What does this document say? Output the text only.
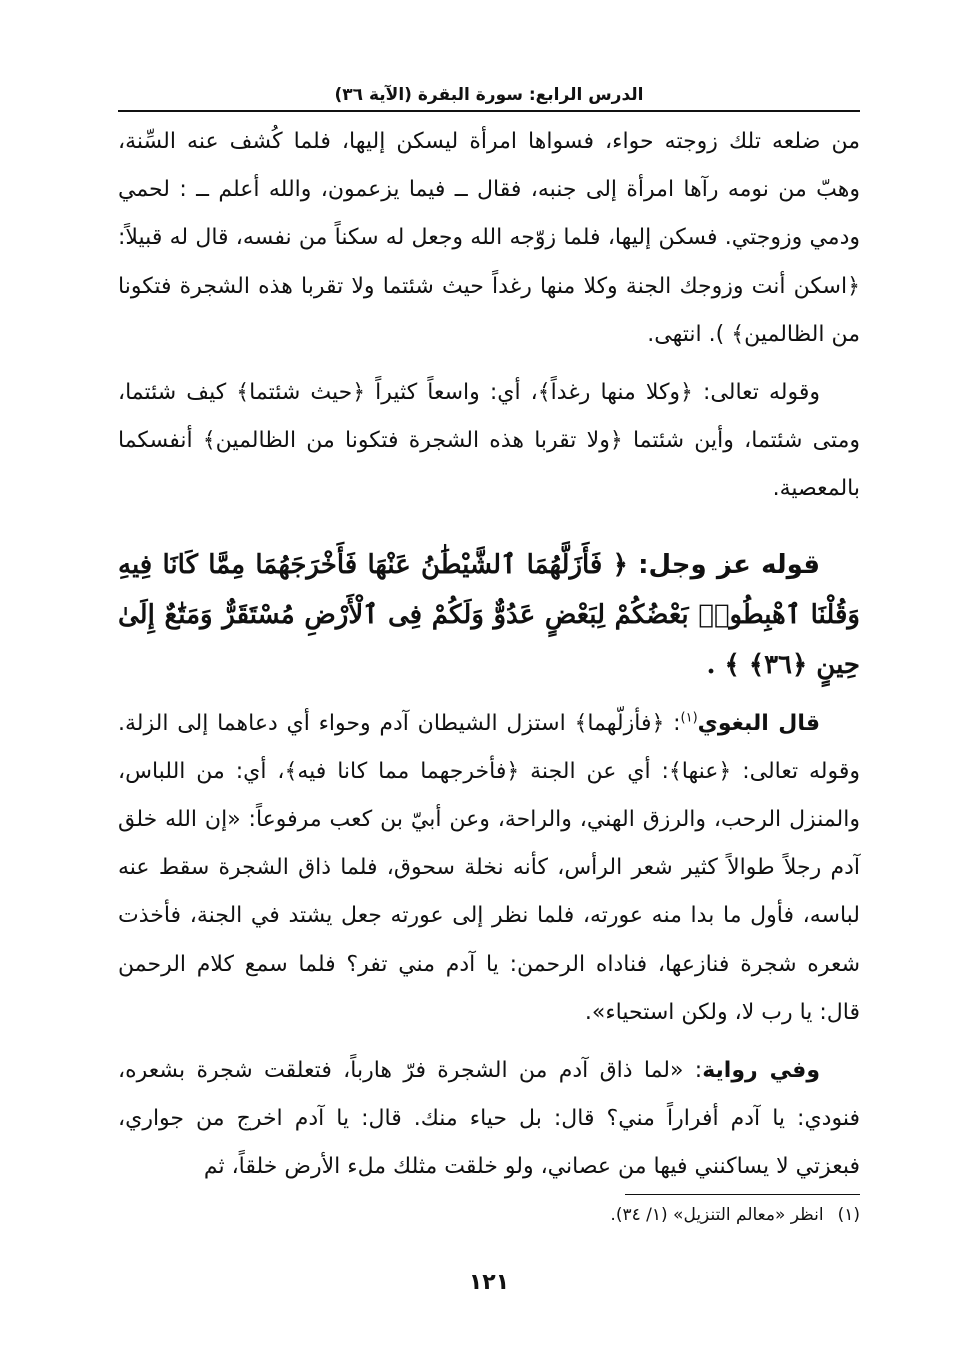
الدرس الرابع: سورة البقرة (الآية ٣٦)

من ضلعه تلك زوجته حواء، فسواها امرأة ليسكن إليها، فلما كُشف عنه السِّنة، وهبّ من نومه رآها امرأة إلى جنبه، فقال ــ فيما يزعمون، والله أعلم ــ : لحمي ودمي وزوجتي. فسكن إليها، فلما زوّجه الله وجعل له سكناً من نفسه، قال له قبيلاً: ﴿اسكن أنت وزوجك الجنة وكلا منها رغداً حيث شئتما ولا تقربا هذه الشجرة فتكونا من الظالمين﴾ ). انتهى.

وقوله تعالى: ﴿وكلا منها رغداً﴾، أي: واسعاً كثيراً ﴿حيث شئتما﴾ كيف شئتما، ومتى شئتما، وأين شئتما ﴿ولا تقربا هذه الشجرة فتكونا من الظالمين﴾ أنفسكما بالمعصية.

قوله عز وجل: ﴿ فَأَزَلَّهُمَا ٱلشَّيْطَٰنُ عَنْهَا فَأَخْرَجَهُمَا مِمَّا كَانَا فِيهِ وَقُلْنَا ٱهْبِطُوا۟ بَعْضُكُمْ لِبَعْضٍ عَدُوٌّ وَلَكُمْ فِى ٱلْأَرْضِ مُسْتَقَرٌّ وَمَتَٰعٌ إِلَىٰ حِينٍ ﴿٣٦﴾ ﴾ .

قال البغوي$^{(١)}$: ﴿فأزلّهما﴾ استزل الشيطان آدم وحواء أي دعاهما إلى الزلة. وقوله تعالى: ﴿عنها﴾: أي عن الجنة ﴿فأخرجهما مما كانا فيه﴾، أي: من اللباس، والمنزل الرحب، والرزق الهني، والراحة، وعن أبيّ بن كعب مرفوعاً: «إن الله خلق آدم رجلاً طوالاً كثير شعر الرأس، كأنه نخلة سحوق، فلما ذاق الشجرة سقط عنه لباسه، فأول ما بدا منه عورته، فلما نظر إلى عورته جعل يشتد في الجنة، فأخذت شعره شجرة فنازعها، فناداه الرحمن: يا آدم مني تفر؟ فلما سمع كلام الرحمن قال: يا رب لا، ولكن استحياء».

وفي رواية: «لما ذاق آدم من الشجرة فرّ هارباً، فتعلقت شجرة بشعره، فنودي: يا آدم أفراراً مني؟ قال: بل حياء منك. قال: يا آدم اخرج من جواري، فبعزتي لا يساكنني فيها من عصاني، ولو خلقت مثلك ملء الأرض خلقاً، ثم

(١)انظر «معالم التنزيل» (١/ ٣٤).
١٢١
